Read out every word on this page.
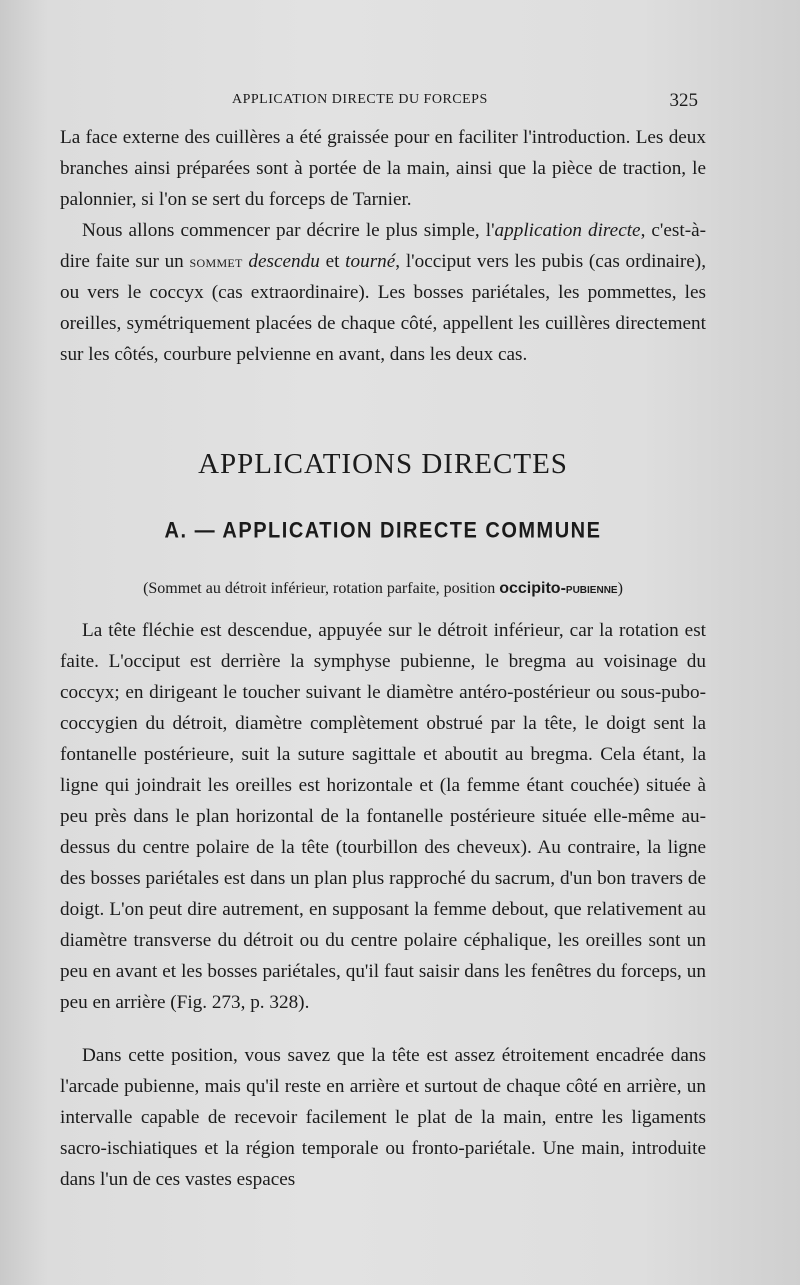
APPLICATION DIRECTE DU FORCEPS	325

La face externe des cuillères a été graissée pour en faciliter l'introduction. Les deux branches ainsi préparées sont à portée de la main, ainsi que la pièce de traction, le palonnier, si l'on se sert du forceps de Tarnier.

Nous allons commencer par décrire le plus simple, l'application directe, c'est-à-dire faite sur un sommet descendu et tourné, l'occiput vers les pubis (cas ordinaire), ou vers le coccyx (cas extraordinaire). Les bosses pariétales, les pommettes, les oreilles, symétriquement placées de chaque côté, appellent les cuillères directement sur les côtés, courbure pelvienne en avant, dans les deux cas.

APPLICATIONS DIRECTES
A. — APPLICATION DIRECTE COMMUNE
(Sommet au détroit inférieur, rotation parfaite, position occipito-pubienne)

La tête fléchie est descendue, appuyée sur le détroit inférieur, car la rotation est faite. L'occiput est derrière la symphyse pubienne, le bregma au voisinage du coccyx; en dirigeant le toucher suivant le diamètre antéro-postérieur ou sous-pubo-coccygien du détroit, diamètre complètement obstrué par la tête, le doigt sent la fontanelle postérieure, suit la suture sagittale et aboutit au bregma. Cela étant, la ligne qui joindrait les oreilles est horizontale et (la femme étant couchée) située à peu près dans le plan horizontal de la fontanelle postérieure située elle-même au-dessus du centre polaire de la tête (tourbillon des cheveux). Au contraire, la ligne des bosses pariétales est dans un plan plus rapproché du sacrum, d'un bon travers de doigt. L'on peut dire autrement, en supposant la femme debout, que relativement au diamètre transverse du détroit ou du centre polaire céphalique, les oreilles sont un peu en avant et les bosses pariétales, qu'il faut saisir dans les fenêtres du forceps, un peu en arrière (Fig. 273, p. 328).

Dans cette position, vous savez que la tête est assez étroitement encadrée dans l'arcade pubienne, mais qu'il reste en arrière et surtout de chaque côté en arrière, un intervalle capable de recevoir facilement le plat de la main, entre les ligaments sacro-ischiatiques et la région temporale ou fronto-pariétale. Une main, introduite dans l'un de ces vastes espaces
